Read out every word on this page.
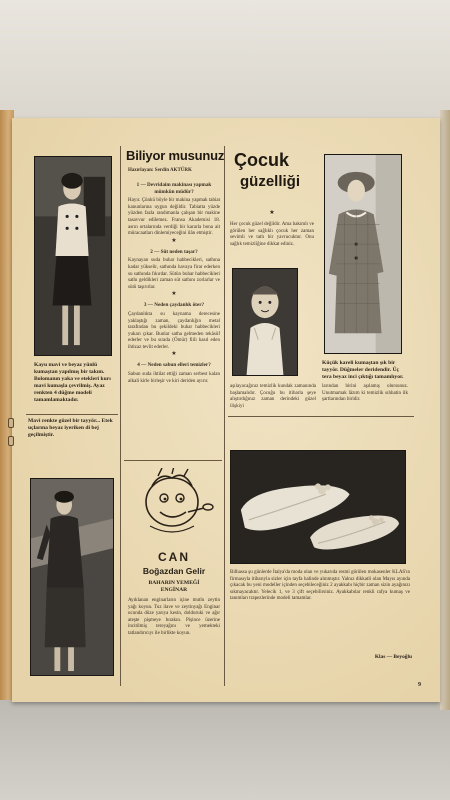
Kayu mavi ve beyaz yünlü kumaştan yapılmış bir takım. Bolomanın yaka ve etekleri kurı mavi kumaşla çevrilmiş. Ayaz renkten 4 düğme modeli tamamlamaktadır.
Mavi renkte güzel bir tayyör... Etek uçlarına beyaz iyeriken di bej geçilmiştir.
Biliyor musunuz
Hazırlayan: Serdin AKTÜRK
1 — Devridaim makinası yapmak mümkün müdür?
Hayır. Çünkü böyle bir makina yapmak tabiat kanunlarına uygun değildir. Tabiatta yüzde yüzden fazla randımanla çalışan bir makine tasavvur edilemez. Fransa Akademisi 18. asrın ortalarında verdiği bir kararla bona ait müracaatları dinlemiyeceğini ilân etmiştir.
★
2 — Süt neden taşar?
Kaynayan suda buhar habbecikleri, sathına kadar yükselir, sathında havaya firar ederken su sathında fıkırdar. Sütün buhar habbecikleri sathı geldikleri zaman süt sathını zorlarlar ve sütü taşırırlar.
★
3 — Neden çaydanlık öter?
Çaydanlıkta su kaynama derecesine yaklaştığı zaman, çaydanlığın metal tarafından bu şekildeki buhar habbecikleri yukarı çıkar. Bunlar satha gelmeden tekâsüf ederler ve bu sırada (Ömür) fiili hasıl eden ihtizaz tevlit ederler.
★
4 — Neden sabun elleri temizler?
Sabun suda ihtilat ettiği zaman serbest kalan alkali kirle birleşir ve kiri deriden ayırır.
CAN
Boğazdan Gelir
BAHARIN YEMEĞİ ENGİNAR
Ayıklanan enginarların içine mutlu zeytin yağı koyun. Tuz ilave ve zeytinyağı Enginar ucunda düze yarıya kesin, dolduruki ve ağır ateşte pişmeye bırakın. Pişince üzerine incitilmiş tereyağını ve yemekteki tatlandırıcıyı ile birlikte koyun.
Çocuk
güzelliği
★
Her çocuk güzel değildir. Ama bakımlı ve görülen her sağlıklı çocuk her zaman sevimli ve tatlı bir yavrucuktur. Onu sağlık temizliğine dikkat ediniz.
Küçük kareli kumaştan şık bir tayyör. Düğmeler deridendir. Üç tera beyaz inci çıktığı tamamlıyor.
aşılayacağınız temizlik kundak zamanında başlamalıdır. Çocuğu bu itibarla şeye alıştırdığınız zaman derindeki güzel ilişkiyi
larından birini aşılamış olursunuz. Unutmamak lâzım ki temizlik sıhhatin ilk şartlarından biridir.
Bilhassa şu günlerde İtalya'da moda olan ve yukarıda resmi görülen mokasenler KLAS'ın firmasıyla itibarıyla sizler için tayfa halinde alınmıştır. Yalnız dikkatli olan Mayıs ayında çıkacak bu yeni modeller içinden seçebileceğiniz 2 ayakkabı hiçbir zaman sizin ayağınızı sıkmayacaktır. Yelecik 1, ve 3 çift seçebilirsiniz. Ayakkabılar renkli rafya kumaş ve tanımları trapezlerinde modeli tamamlar.
Klas — Beyoğlu
9
